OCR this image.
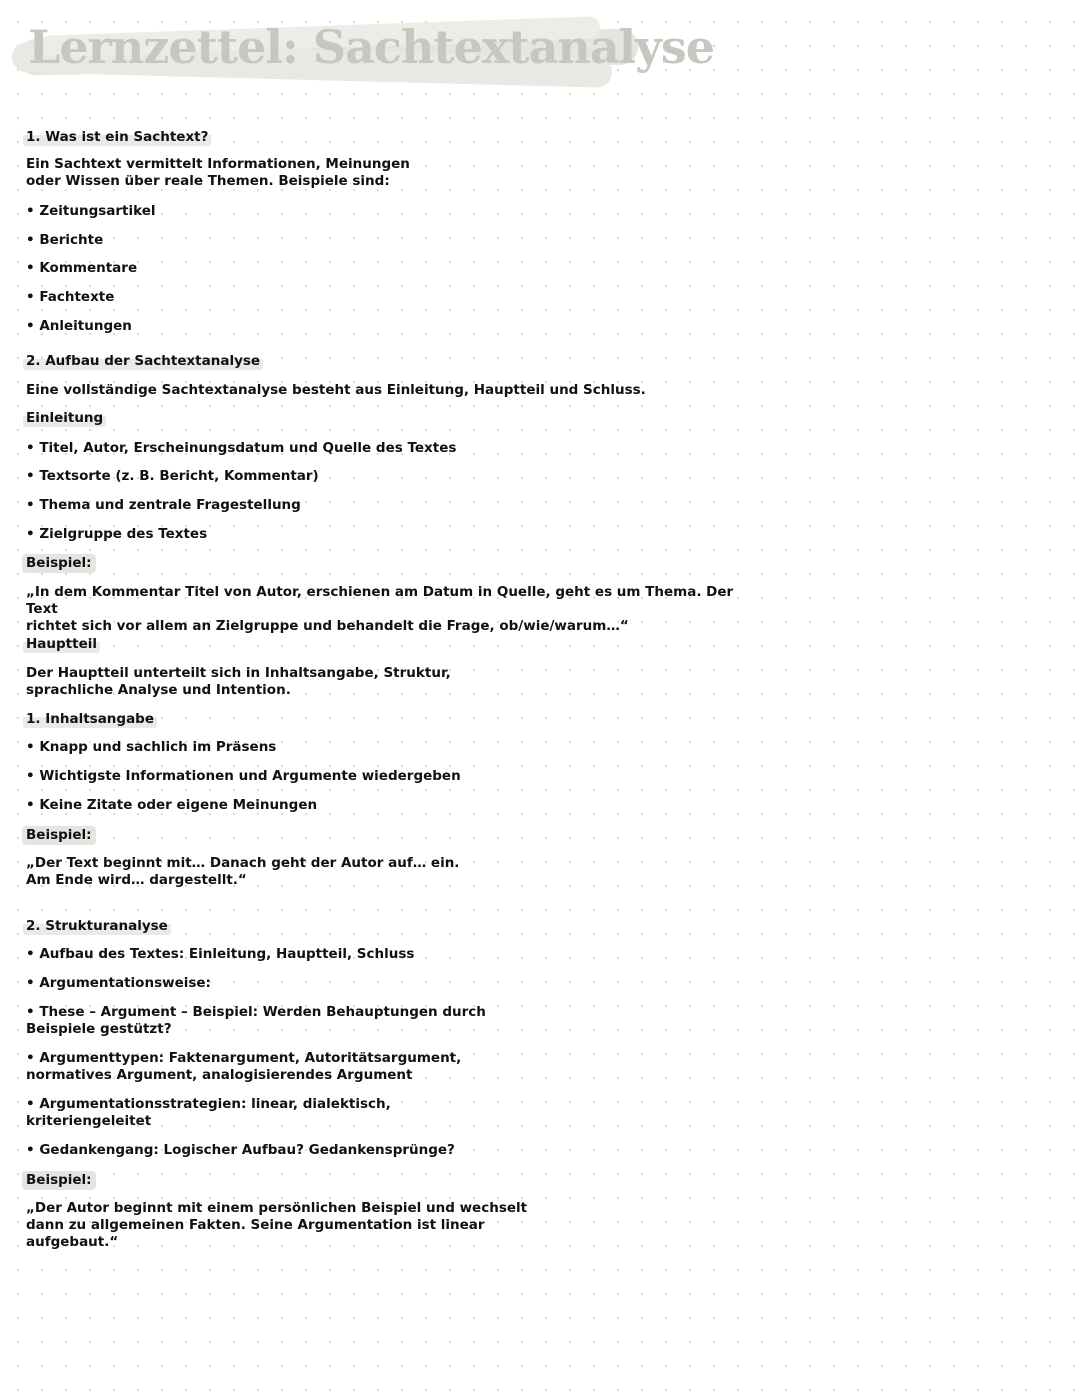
Lernzettel: Sachtextanalyse
1. Was ist ein Sachtext?
Ein Sachtext vermittelt Informationen, Meinungen
oder Wissen über reale Themen. Beispiele sind:
• Zeitungsartikel
• Berichte
• Kommentare
• Fachtexte
• Anleitungen
2. Aufbau der Sachtextanalyse
Eine vollständige Sachtextanalyse besteht aus Einleitung, Hauptteil und Schluss.
Einleitung
• Titel, Autor, Erscheinungsdatum und Quelle des Textes
• Textsorte (z. B. Bericht, Kommentar)
• Thema und zentrale Fragestellung
• Zielgruppe des Textes
Beispiel:
„In dem Kommentar Titel von Autor, erschienen am Datum in Quelle, geht es um Thema. Der Text
richtet sich vor allem an Zielgruppe und behandelt die Frage, ob/wie/warum…“
Hauptteil
Der Hauptteil unterteilt sich in Inhaltsangabe, Struktur,
sprachliche Analyse und Intention.
1. Inhaltsangabe
• Knapp und sachlich im Präsens
• Wichtigste Informationen und Argumente wiedergeben
• Keine Zitate oder eigene Meinungen
Beispiel:
„Der Text beginnt mit… Danach geht der Autor auf… ein.
Am Ende wird… dargestellt.“
2. Strukturanalyse
• Aufbau des Textes: Einleitung, Hauptteil, Schluss
• Argumentationsweise:
• These – Argument – Beispiel: Werden Behauptungen durch
Beispiele gestützt?
• Argumenttypen: Faktenargument, Autoritätsargument,
normatives Argument, analogisierendes Argument
• Argumentationsstrategien: linear, dialektisch,
kriteriengeleitet
• Gedankengang: Logischer Aufbau? Gedankensprünge?
Beispiel:
„Der Autor beginnt mit einem persönlichen Beispiel und wechselt
dann zu allgemeinen Fakten. Seine Argumentation ist linear
aufgebaut.“
